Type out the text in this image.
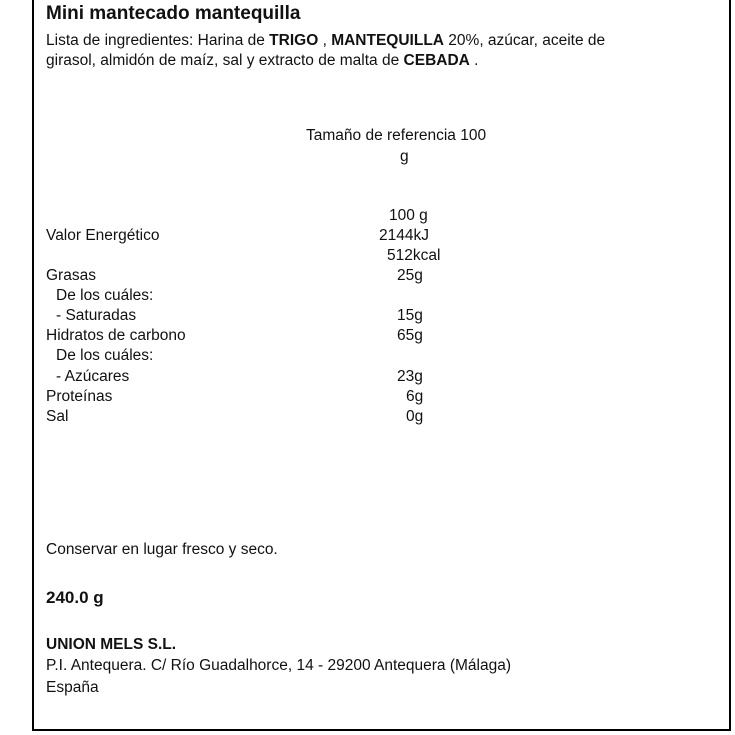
Mini mantecado mantequilla
Lista de ingredientes: Harina de TRIGO , MANTEQUILLA 20%, azúcar, aceite de
girasol, almidón de maíz, sal y extracto de malta de CEBADA .
Tamaño de referencia 100
g
100 g
Valor Energético	2144kJ
512kcal
Grasas	25g
De los cuáles:
- Saturadas	15g
Hidratos de carbono	65g
De los cuáles:
- Azúcares	23g
Proteínas	6g
Sal	0g
Conservar en lugar fresco y seco.
240.0 g
UNION MELS S.L.
P.I. Antequera. C/ Río Guadalhorce, 14 - 29200 Antequera (Málaga)
España
